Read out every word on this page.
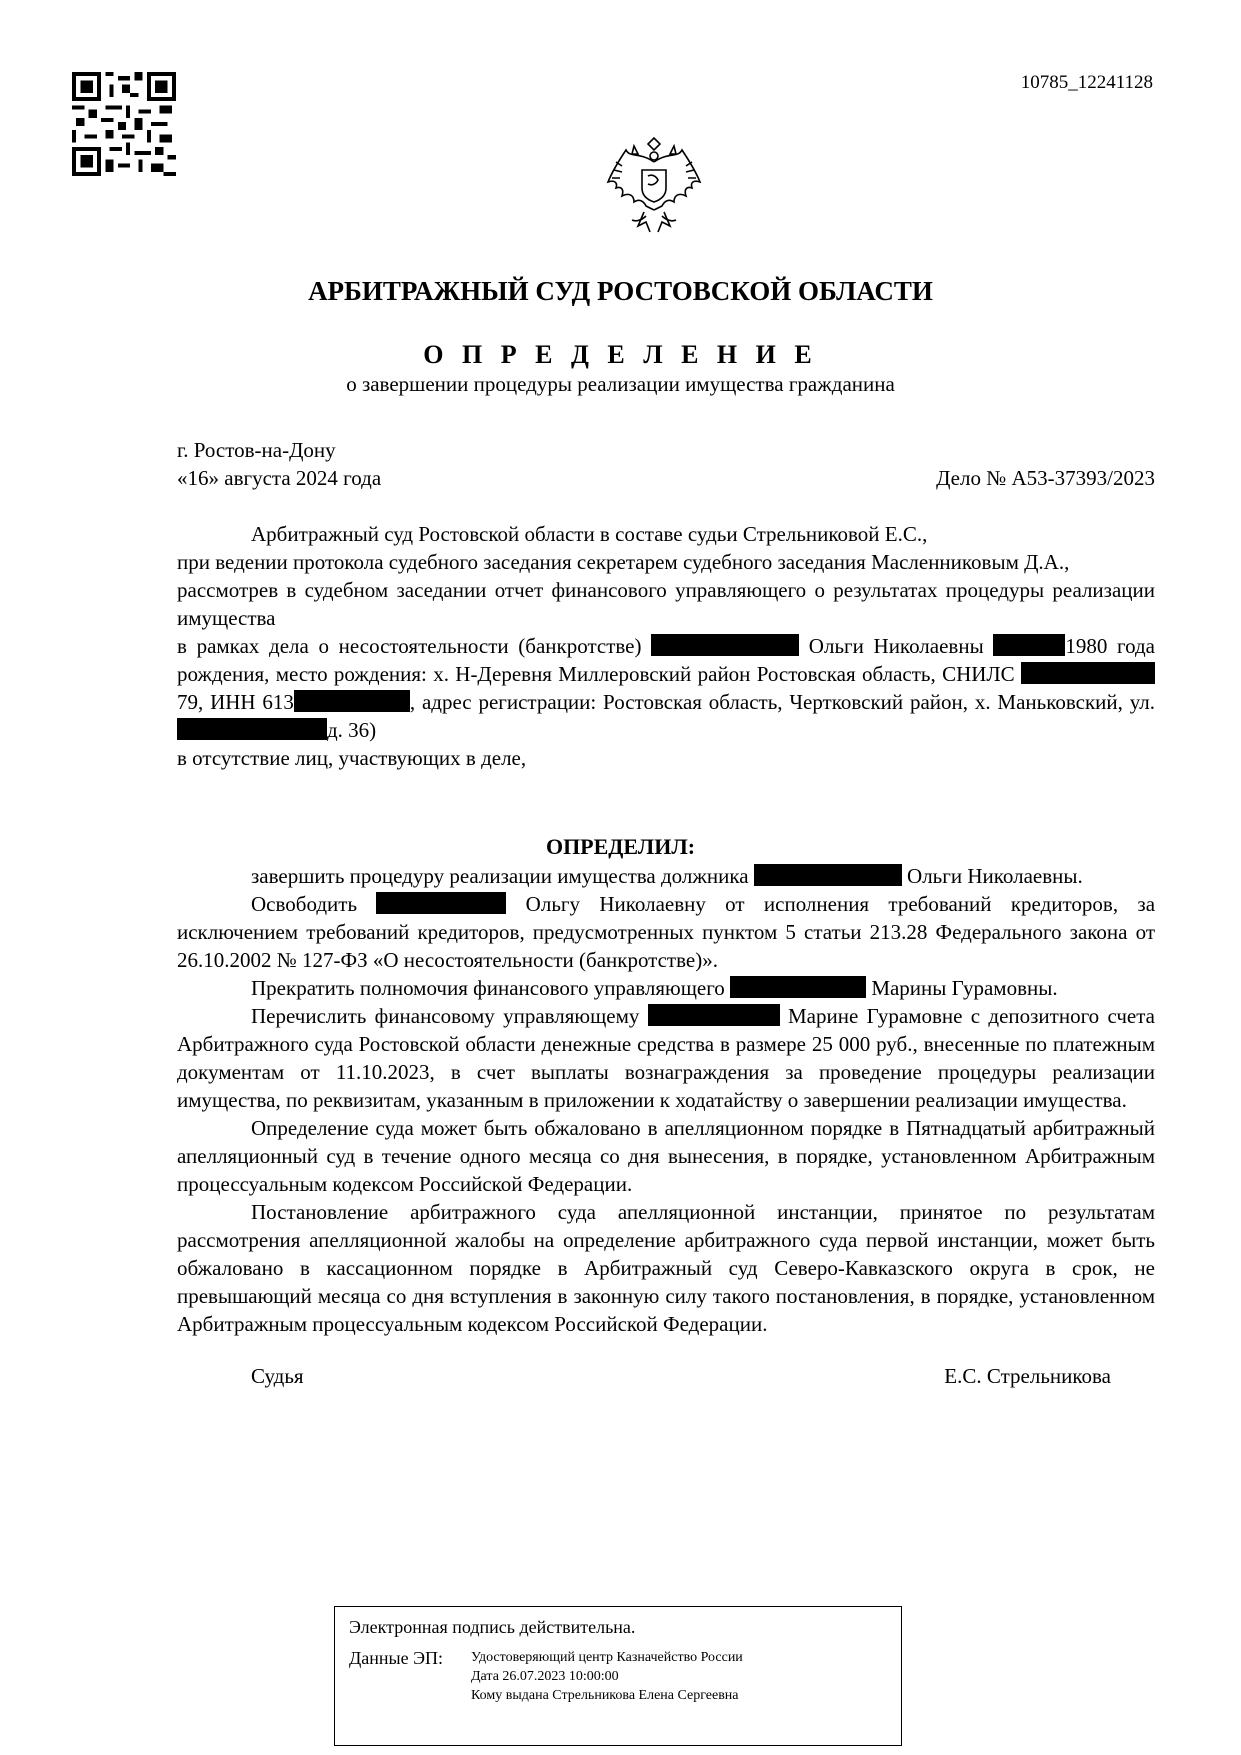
10785_12241128
АРБИТРАЖНЫЙ СУД РОСТОВСКОЙ ОБЛАСТИ
О П Р Е Д Е Л Е Н И Е
о завершении процедуры реализации имущества гражданина
г. Ростов-на-Дону
«16» августа 2024 года	Дело № А53-37393/2023
Арбитражный суд Ростовской области в составе судьи Стрельниковой Е.С.,
при ведении протокола судебного заседания секретарем судебного заседания Масленниковым Д.А.,
рассмотрев в судебном заседании отчет финансового управляющего о результатах процедуры реализации имущества
в рамках дела о несостоятельности (банкротстве)	Ольги Николаевны	1980 года рождения, место рождения: х. Н-Деревня Миллеровский район Ростовская область, СНИЛС  79, ИНН 613	, адрес регистрации: Ростовская область, Чертковский район, х. Маньковский, ул. д. 36)
в отсутствие лиц, участвующих в деле,
ОПРЕДЕЛИЛ:
завершить процедуру реализации имущества должника	Ольги Николаевны.
Освободить	Ольгу Николаевну от исполнения требований кредиторов, за исключением требований кредиторов, предусмотренных пунктом 5 статьи 213.28 Федерального закона от 26.10.2002 № 127-ФЗ «О несостоятельности (банкротстве)».
Прекратить полномочия финансового управляющего	Марины Гурамовны.
Перечислить финансовому управляющему	Марине Гурамовне с депозитного счета Арбитражного суда Ростовской области денежные средства в размере 25 000 руб., внесенные по платежным документам от 11.10.2023, в счет выплаты вознаграждения за проведение процедуры реализации имущества, по реквизитам, указанным в приложении к ходатайству о завершении реализации имущества.
Определение суда может быть обжаловано в апелляционном порядке в Пятнадцатый арбитражный апелляционный суд в течение одного месяца со дня вынесения, в порядке, установленном Арбитражным процессуальным кодексом Российской Федерации.
Постановление арбитражного суда апелляционной инстанции, принятое по результатам рассмотрения апелляционной жалобы на определение арбитражного суда первой инстанции, может быть обжаловано в кассационном порядке в Арбитражный суд Северо-Кавказского округа в срок, не превышающий месяца со дня вступления в законную силу такого постановления, в порядке, установленном Арбитражным процессуальным кодексом Российской Федерации.
Судья	Е.С. Стрельникова
Электронная подпись действительна.
Данные ЭП:	Удостоверяющий центр Казначейство России
Дата 26.07.2023 10:00:00
Кому выдана Стрельникова Елена Сергеевна
